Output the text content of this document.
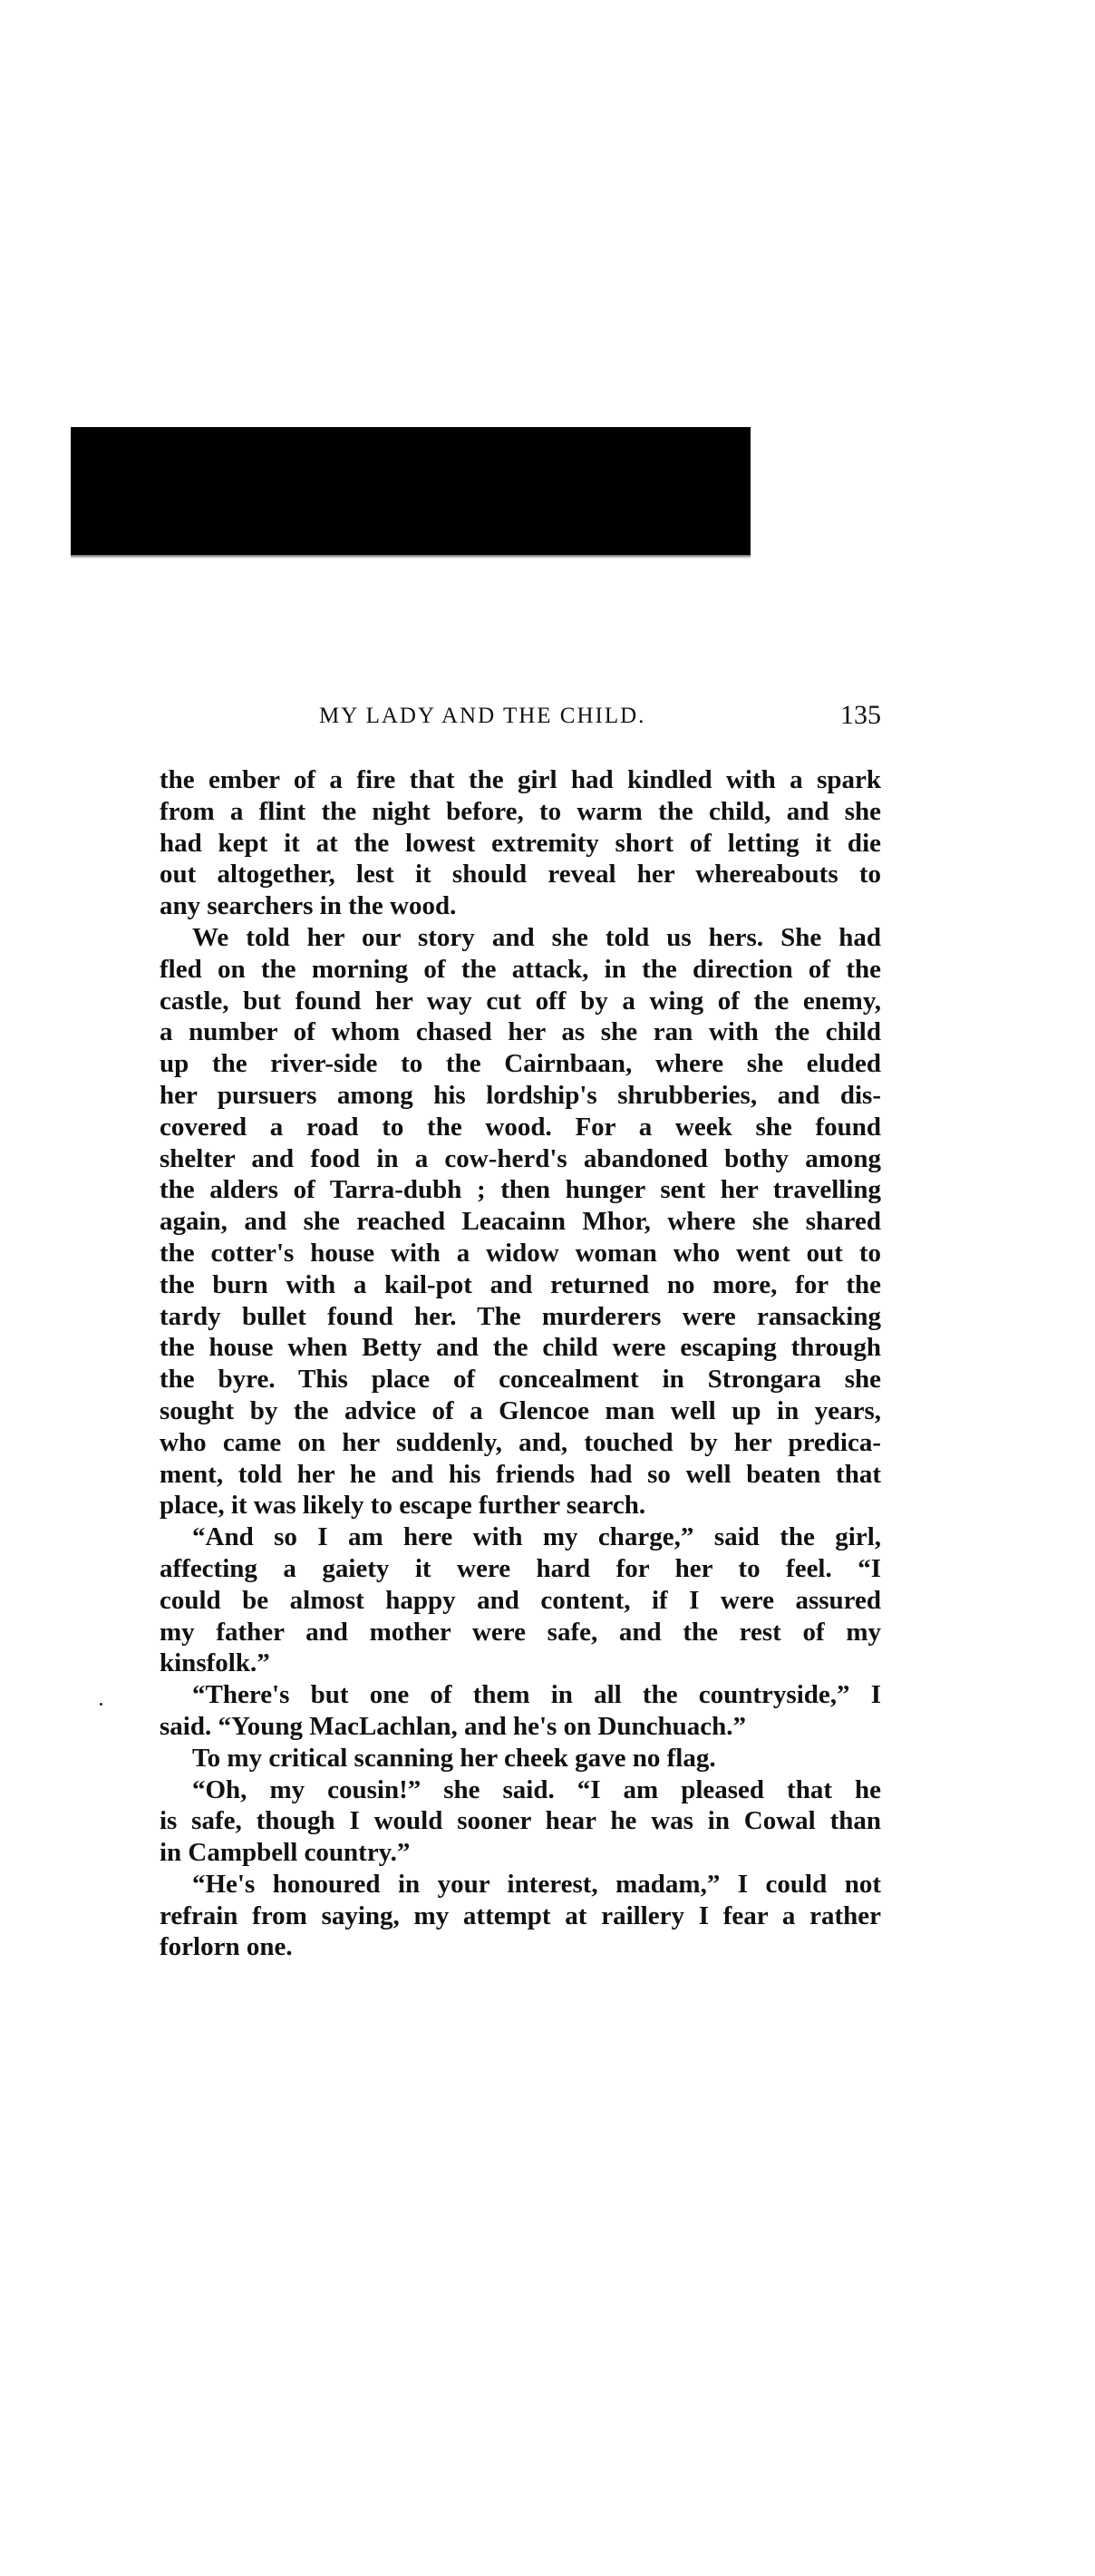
MY LADY AND THE CHILD.	135
the ember of a fire that the girl had kindled with a spark
from a flint the night before, to warm the child, and she
had kept it at the lowest extremity short of letting it die
out altogether, lest it should reveal her whereabouts to
any searchers in the wood.
We told her our story and she told us hers. She had
fled on the morning of the attack, in the direction of the
castle, but found her way cut off by a wing of the enemy,
a number of whom chased her as she ran with the child
up the river-side to the Cairnbaan, where she eluded
her pursuers among his lordship's shrubberies, and dis-
covered a road to the wood. For a week she found
shelter and food in a cow-herd's abandoned bothy among
the alders of Tarra-dubh ; then hunger sent her travelling
again, and she reached Leacainn Mhor, where she shared
the cotter's house with a widow woman who went out to
the burn with a kail-pot and returned no more, for the
tardy bullet found her. The murderers were ransacking
the house when Betty and the child were escaping through
the byre. This place of concealment in Strongara she
sought by the advice of a Glencoe man well up in years,
who came on her suddenly, and, touched by her predica-
ment, told her he and his friends had so well beaten that
place, it was likely to escape further search.
“And so I am here with my charge,” said the girl,
affecting a gaiety it were hard for her to feel. “I
could be almost happy and content, if I were assured
my father and mother were safe, and the rest of my
kinsfolk.”
“There's but one of them in all the countryside,” I
said. “Young MacLachlan, and he's on Dunchuach.”
To my critical scanning her cheek gave no flag.
“Oh, my cousin!” she said. “I am pleased that he
is safe, though I would sooner hear he was in Cowal than
in Campbell country.”
“He's honoured in your interest, madam,” I could not
refrain from saying, my attempt at raillery I fear a rather
forlorn one.
